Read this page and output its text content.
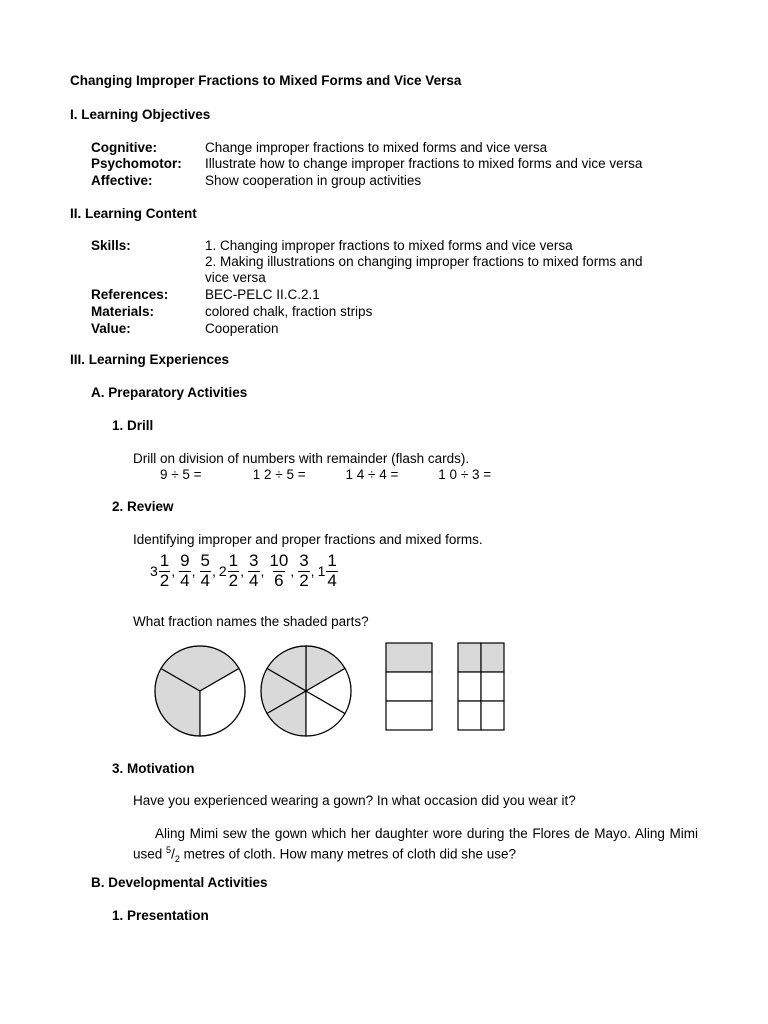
Changing Improper Fractions to Mixed Forms and Vice Versa
I. Learning Objectives
Cognitive:	Change improper fractions to mixed forms and vice versa
Psychomotor: Illustrate how to change improper fractions to mixed forms and vice versa
Affective:	Show cooperation in group activities
II. Learning Content
Skills:	1. Changing improper fractions to mixed forms and vice versa
2. Making illustrations on changing improper fractions to mixed forms and
vice versa
References:	BEC-PELC II.C.2.1
Materials:	colored chalk, fraction strips
Value:	Cooperation
III. Learning Experiences
A. Preparatory Activities
1. Drill
Drill on division of numbers with remainder (flash cards).
9 ÷ 5 =	1 2 ÷ 5 =	1 4 ÷ 4 =	1 0 ÷ 3 =
2. Review
Identifying improper and proper fractions and mixed forms.
$3 \frac{1}{2}$ , $\frac{9}{4}$ , $\frac{5}{4}$ , $2 \frac{1}{2}$ , $\frac{3}{4}$ , $\frac{10}{6}$ , $\frac{3}{2}$ , $1 \frac{1}{4}$
What fraction names the shaded parts?
3. Motivation
Have you experienced wearing a gown? In what occasion did you wear it?
Aling Mimi sew the gown which her daughter wore during the Flores de Mayo. Aling Mimi used $^5/_2$ metres of cloth. How many metres of cloth did she use?
B. Developmental Activities
1. Presentation
